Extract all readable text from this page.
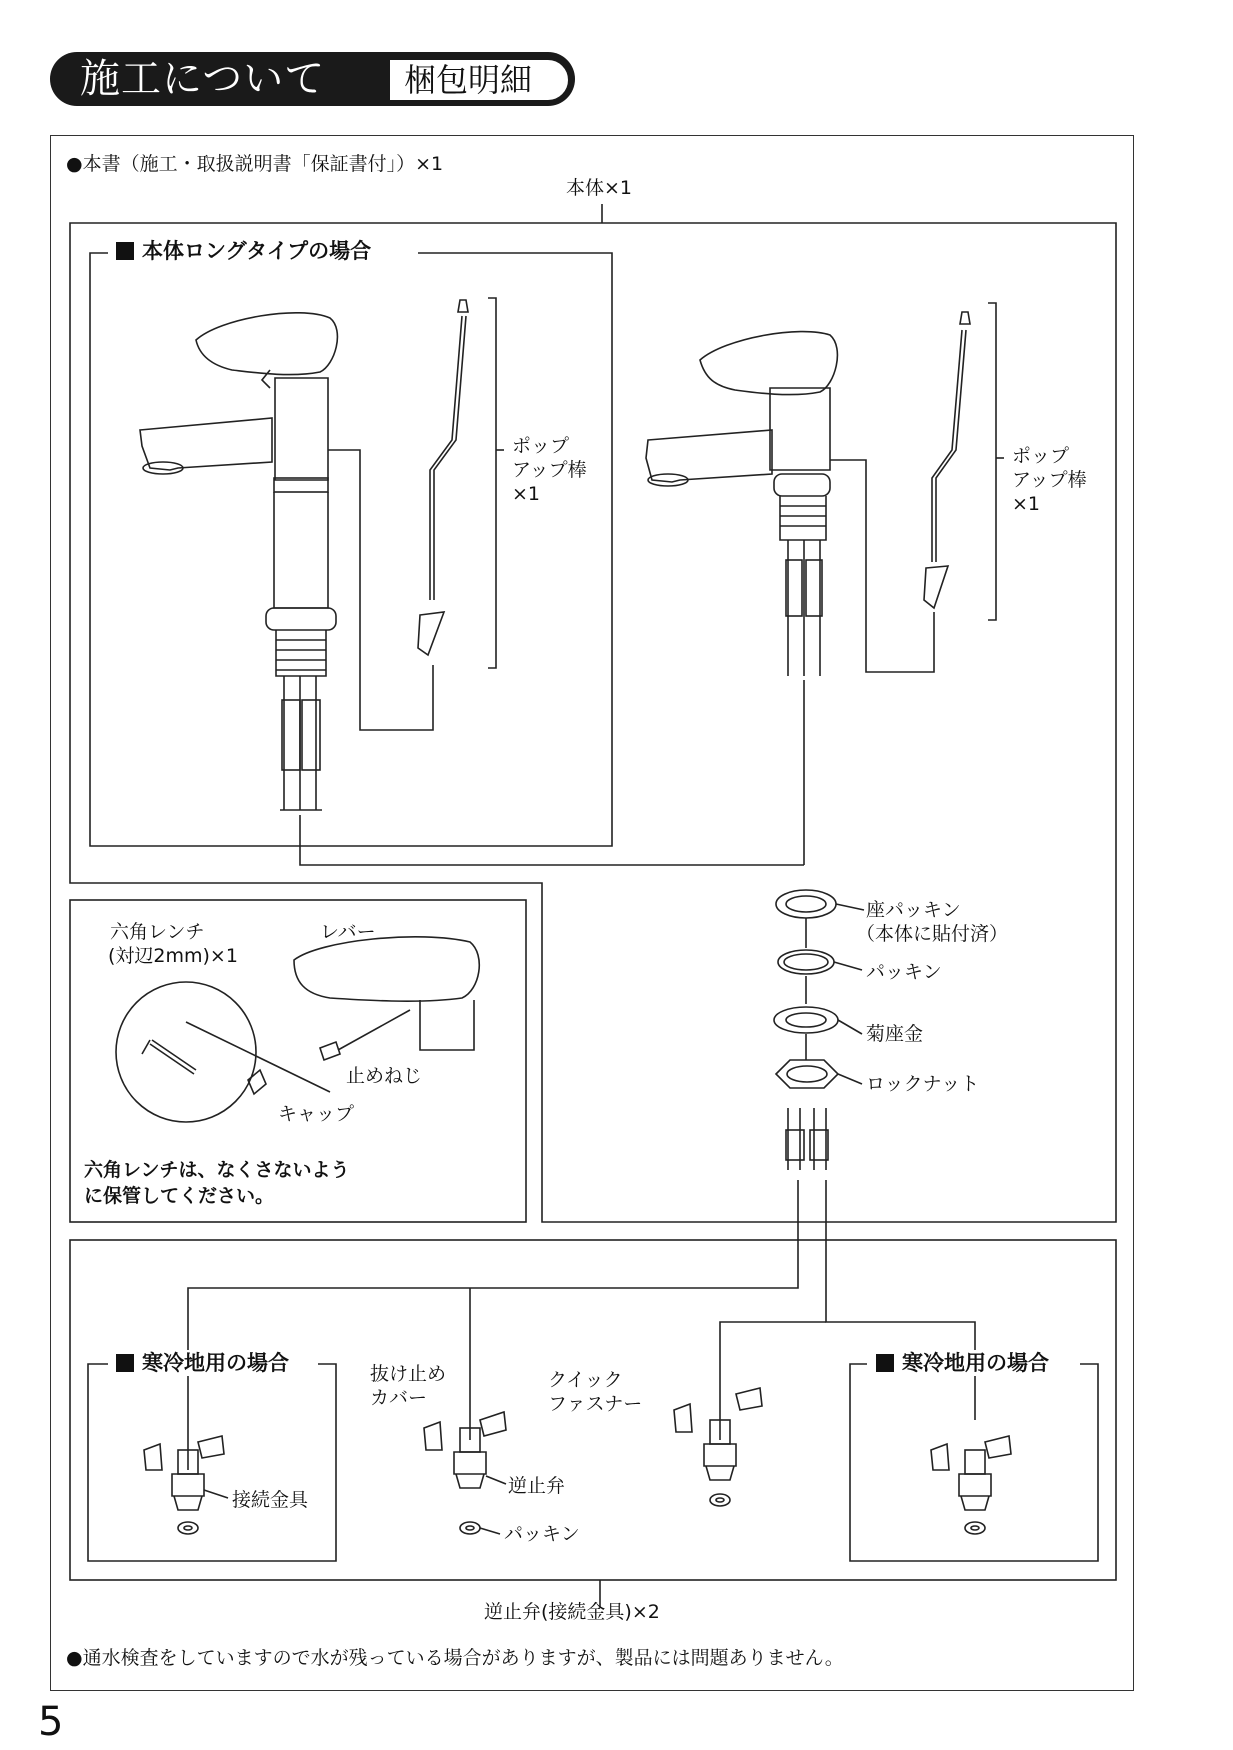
施工について 梱包明細
●本書（施工・取扱説明書「保証書付」）×1
本体×1
本体ロングタイプの場合
ポップ
アップ棒
×1
ポップ
アップ棒
×1
座パッキン
（本体に貼付済）
パッキン
菊座金
ロックナット
六角レンチ
(対辺2mm)×1
レバー
止めねじ
キャップ
六角レンチは、なくさないよう
に保管してください。
寒冷地用の場合	寒冷地用の場合
接続金具
抜け止め
カバー
クイック
ファスナー
逆止弁
パッキン
逆止弁(接続金具)×2
●通水検査をしていますので水が残っている場合がありますが、製品には問題ありません。
5
